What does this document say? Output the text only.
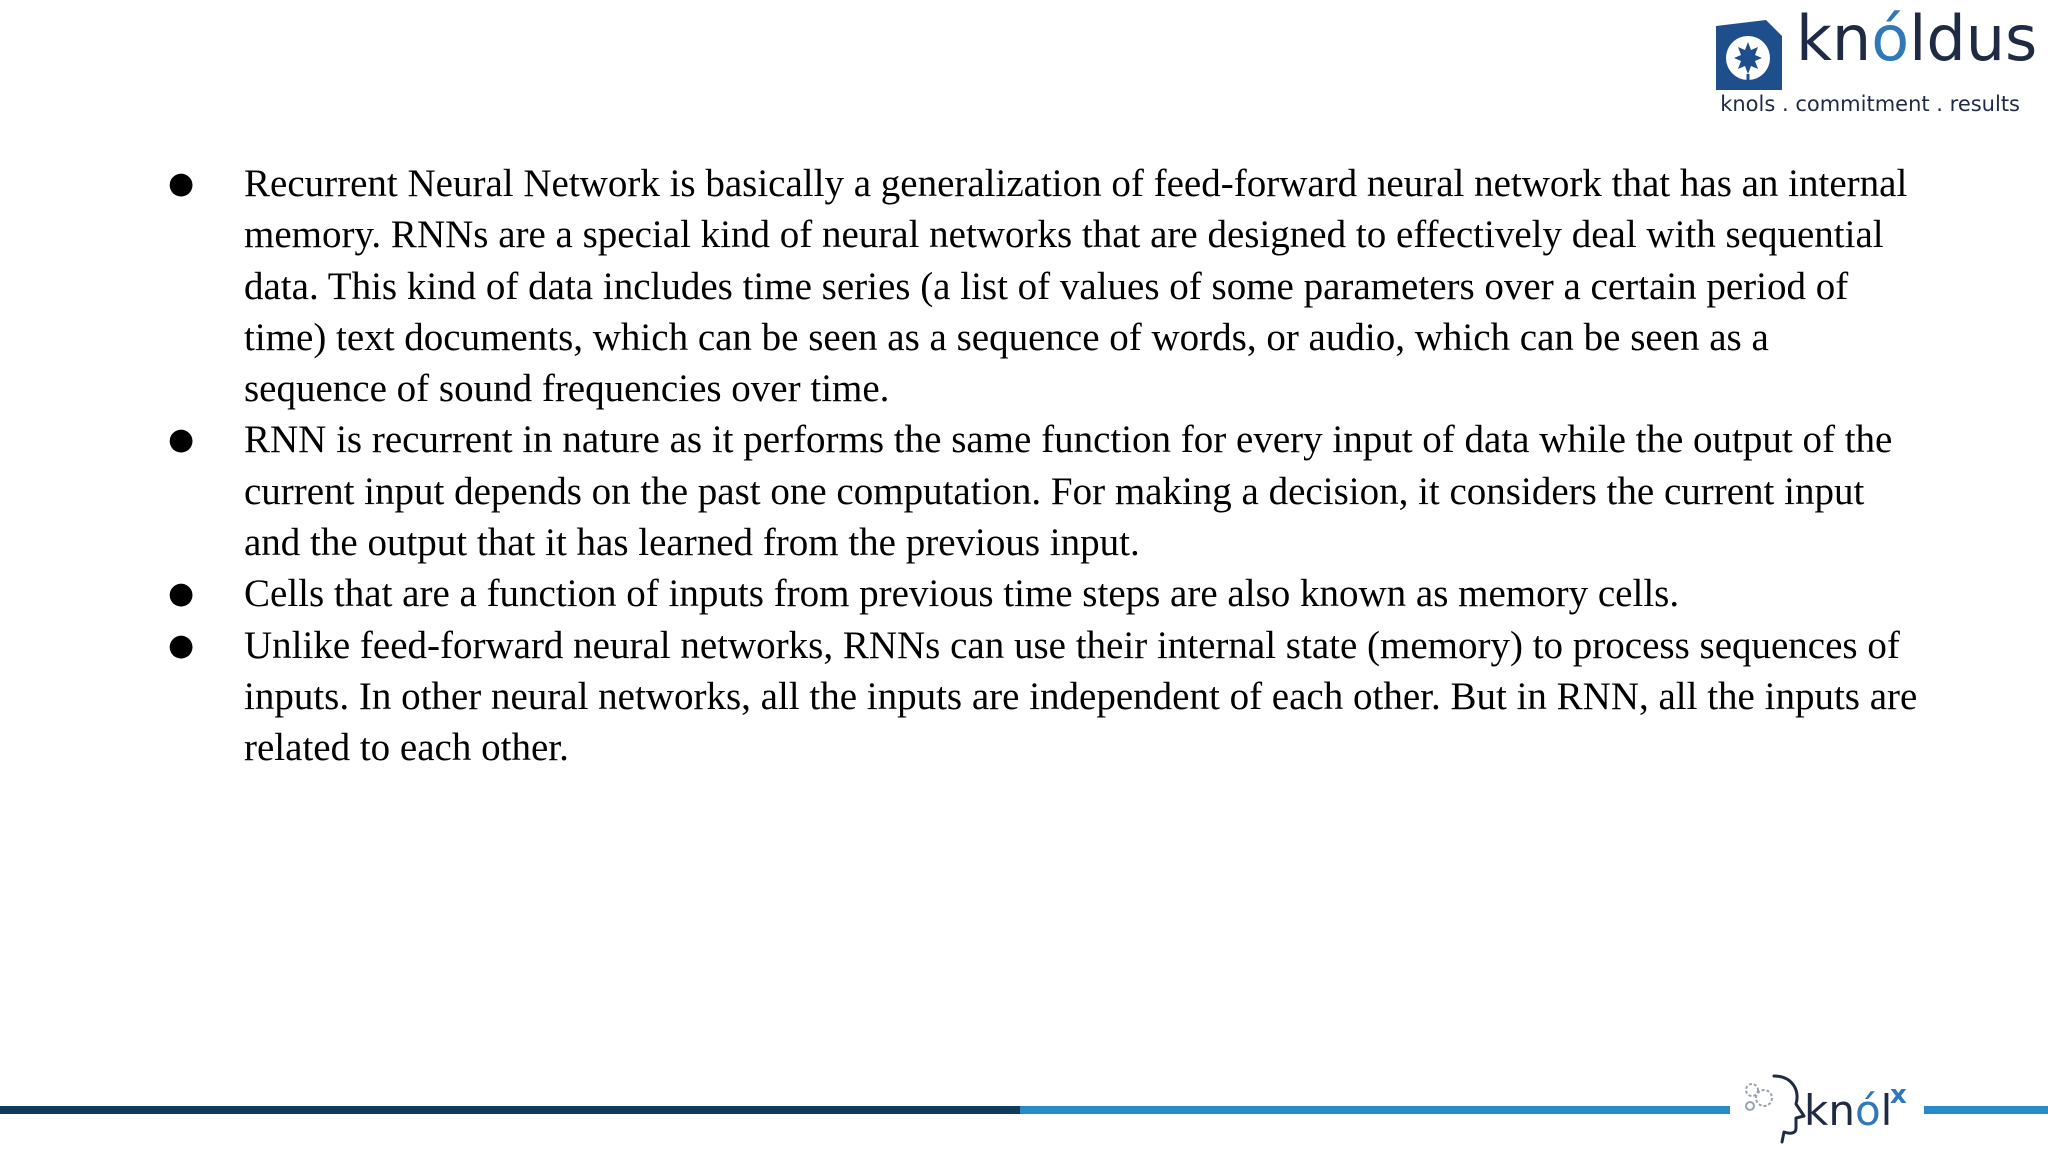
knóldus
knols . commitment . results
● Recurrent Neural Network is basically a generalization of feed-forward neural network that has an internal memory. RNNs are a special kind of neural networks that are designed to effectively deal with sequential data. This kind of data includes time series (a list of values of some parameters over a certain period of time) text documents, which can be seen as a sequence of words, or audio, which can be seen as a sequence of sound frequencies over time.
● RNN is recurrent in nature as it performs the same function for every input of data while the output of the current input depends on the past one computation. For making a decision, it considers the current input and the output that it has learned from the previous input.
● Cells that are a function of inputs from previous time steps are also known as memory cells.
● Unlike feed-forward neural networks, RNNs can use their internal state (memory) to process sequences of inputs. In other neural networks, all the inputs are independent of each other. But in RNN, all the inputs are related to each other.
knól
x
